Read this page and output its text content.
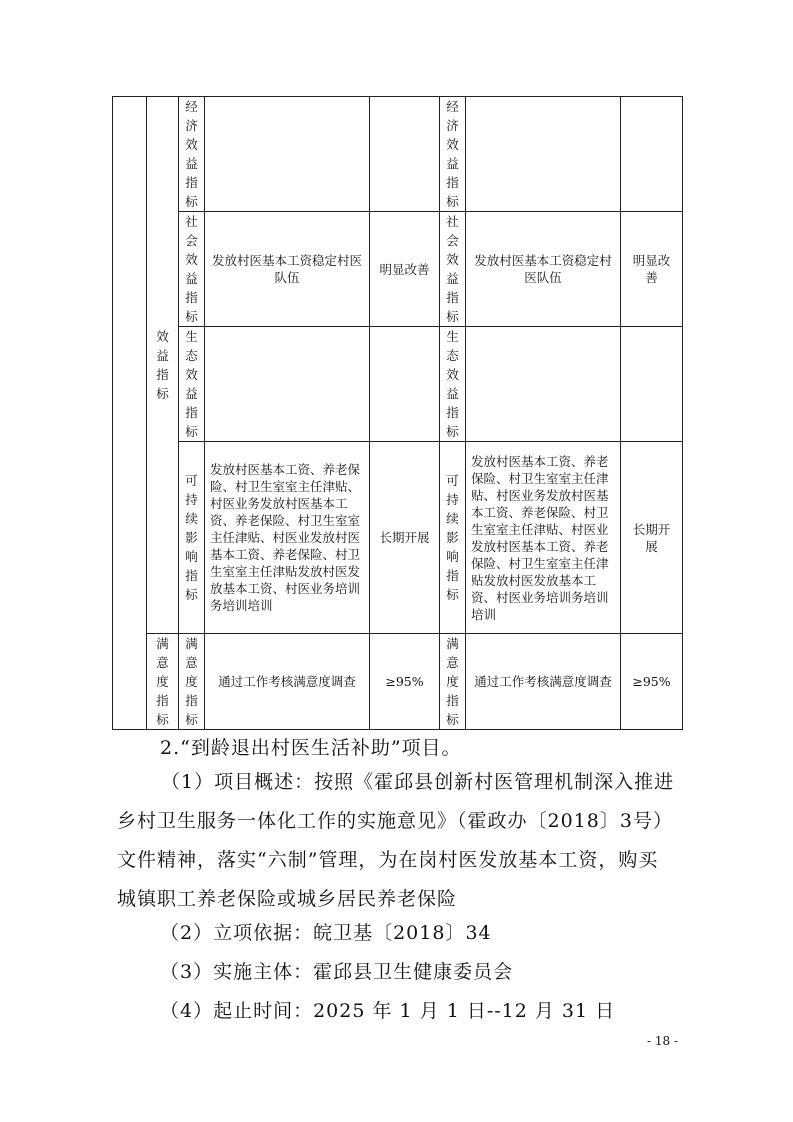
	效益指标	经济效益指标			经济效益指标		

		社会效益指标	发放村医基本工资稳定村医队伍	明显改善	社会效益指标	发放村医基本工资稳定村医队伍	明显改善

		生态效益指标			生态效益指标		

		可持续影响指标	发放村医基本工资、养老保险、村卫生室室主任津贴、村医业务发放村医基本工资、养老保险、村卫生室室主任津贴、村医业发放村医基本工资、养老保险、村卫生室室主任津贴发放村医发放基本工资、村医业务培训务培训培训	长期开展	可持续影响指标	发放村医基本工资、养老保险、村卫生室室主任津贴、村医业务发放村医基本工资、养老保险、村卫生室室主任津贴、村医业发放村医基本工资、养老保险、村卫生室室主任津贴发放村医发放基本工资、村医业务培训务培训培训	长期开展

	满意度指标	满意度指标	通过工作考核满意度调查	≥95%	满意度指标	通过工作考核满意度调查	≥95%

2.“到龄退出村医生活补助”项目。

（1）项目概述：按照《霍邱县创新村医管理机制深入推进乡村卫生服务一体化工作的实施意见》（霍政办〔2018〕3号）文件精神，落实“六制”管理，为在岗村医发放基本工资，购买城镇职工养老保险或城乡居民养老保险

（2）立项依据：皖卫基〔2018〕34

（3）实施主体：霍邱县卫生健康委员会

（4）起止时间：2025 年 1 月 1 日--12 月 31 日

- 18 -
